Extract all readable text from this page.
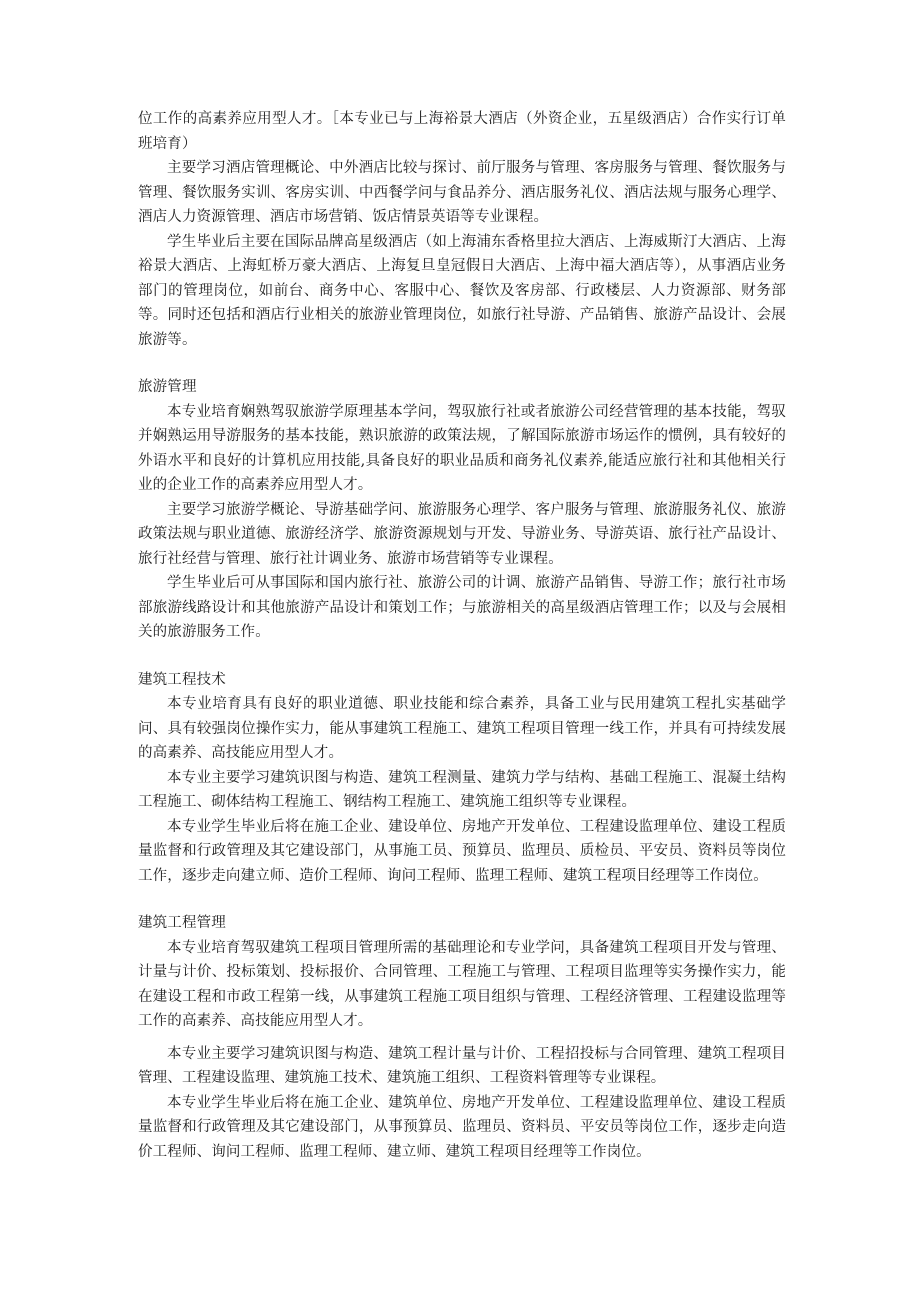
位工作的高素养应用型人才。［本专业已与上海裕景大酒店（外资企业，五星级酒店）合作实行订单班培育）

主要学习酒店管理概论、中外酒店比较与探讨、前厅服务与管理、客房服务与管理、餐饮服务与管理、餐饮服务实训、客房实训、中西餐学问与食品养分、酒店服务礼仪、酒店法规与服务心理学、酒店人力资源管理、酒店市场营销、饭店情景英语等专业课程。

学生毕业后主要在国际品牌高星级酒店（如上海浦东香格里拉大酒店、上海威斯汀大酒店、上海裕景大酒店、上海虹桥万豪大酒店、上海复旦皇冠假日大酒店、上海中福大酒店等），从事酒店业务部门的管理岗位，如前台、商务中心、客服中心、餐饮及客房部、行政楼层、人力资源部、财务部等。同时还包括和酒店行业相关的旅游业管理岗位，如旅行社导游、产品销售、旅游产品设计、会展旅游等。

旅游管理

本专业培育娴熟驾驭旅游学原理基本学问，驾驭旅行社或者旅游公司经营管理的基本技能，驾驭并娴熟运用导游服务的基本技能，熟识旅游的政策法规，了解国际旅游市场运作的惯例，具有较好的外语水平和良好的计算机应用技能,具备良好的职业品质和商务礼仪素养,能适应旅行社和其他相关行业的企业工作的高素养应用型人才。

主要学习旅游学概论、导游基础学问、旅游服务心理学、客户服务与管理、旅游服务礼仪、旅游政策法规与职业道德、旅游经济学、旅游资源规划与开发、导游业务、导游英语、旅行社产品设计、旅行社经营与管理、旅行社计调业务、旅游市场营销等专业课程。

学生毕业后可从事国际和国内旅行社、旅游公司的计调、旅游产品销售、导游工作；旅行社市场部旅游线路设计和其他旅游产品设计和策划工作；与旅游相关的高星级酒店管理工作；以及与会展相关的旅游服务工作。

建筑工程技术

本专业培育具有良好的职业道德、职业技能和综合素养，具备工业与民用建筑工程扎实基础学问、具有较强岗位操作实力，能从事建筑工程施工、建筑工程项目管理一线工作，并具有可持续发展的高素养、高技能应用型人才。

本专业主要学习建筑识图与构造、建筑工程测量、建筑力学与结构、基础工程施工、混凝土结构工程施工、砌体结构工程施工、钢结构工程施工、建筑施工组织等专业课程。

本专业学生毕业后将在施工企业、建设单位、房地产开发单位、工程建设监理单位、建设工程质量监督和行政管理及其它建设部门，从事施工员、预算员、监理员、质检员、平安员、资料员等岗位工作，逐步走向建立师、造价工程师、询问工程师、监理工程师、建筑工程项目经理等工作岗位。

建筑工程管理

本专业培育驾驭建筑工程项目管理所需的基础理论和专业学问，具备建筑工程项目开发与管理、计量与计价、投标策划、投标报价、合同管理、工程施工与管理、工程项目监理等实务操作实力，能在建设工程和市政工程第一线，从事建筑工程施工项目组织与管理、工程经济管理、工程建设监理等工作的高素养、高技能应用型人才。

本专业主要学习建筑识图与构造、建筑工程计量与计价、工程招投标与合同管理、建筑工程项目管理、工程建设监理、建筑施工技术、建筑施工组织、工程资料管理等专业课程。

本专业学生毕业后将在施工企业、建筑单位、房地产开发单位、工程建设监理单位、建设工程质量监督和行政管理及其它建设部门，从事预算员、监理员、资料员、平安员等岗位工作，逐步走向造价工程师、询问工程师、监理工程师、建立师、建筑工程项目经理等工作岗位。
